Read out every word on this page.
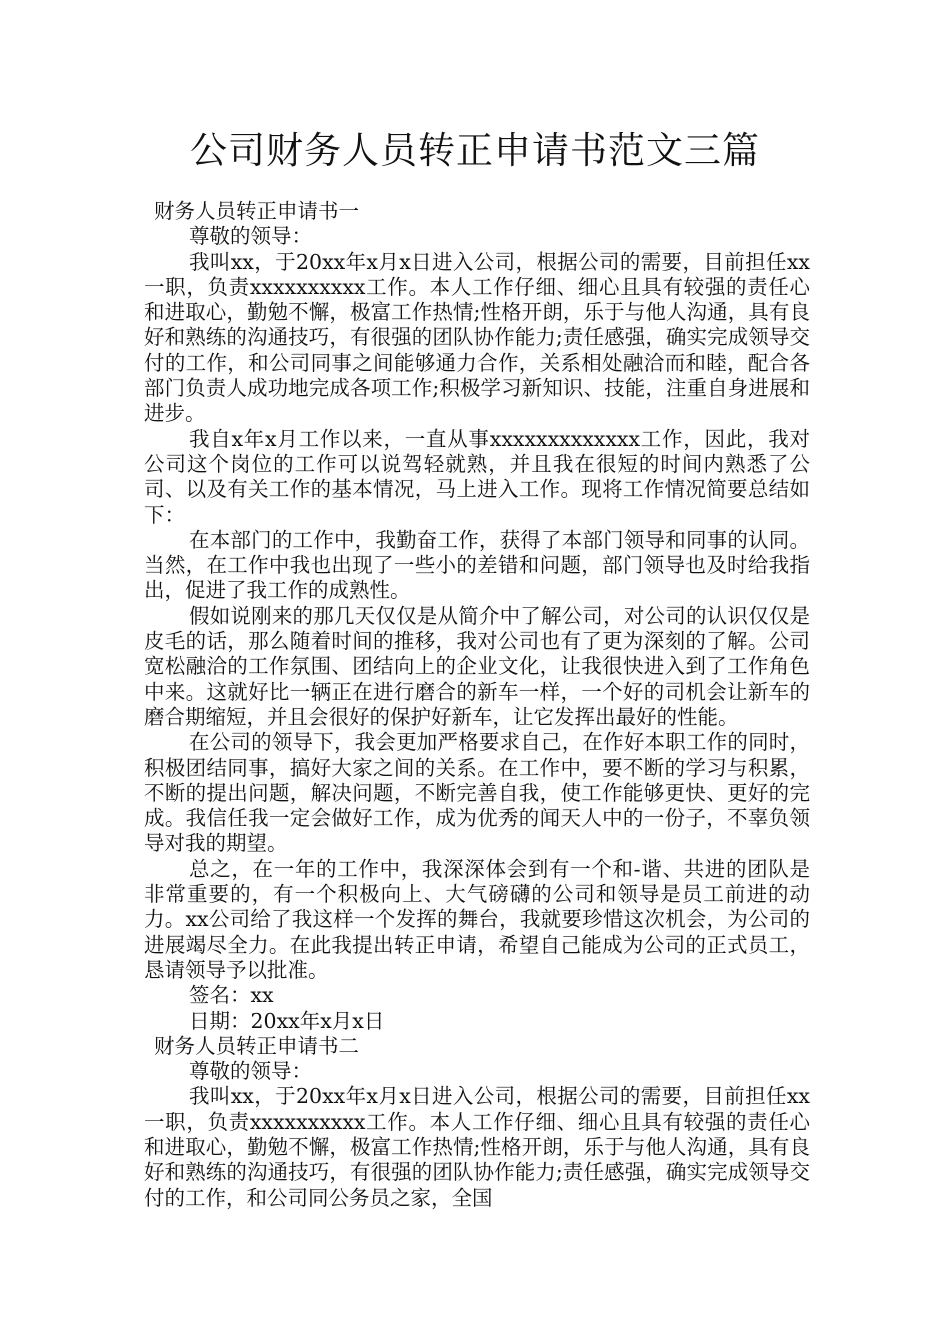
公司财务人员转正申请书范文三篇

财务人员转正申请书一

尊敬的领导：

我叫xx，于20xx年x月x日进入公司，根据公司的需要，目前担任xx一职，负责xxxxxxxxxx工作。本人工作仔细、细心且具有较强的责任心和进取心，勤勉不懈，极富工作热情;性格开朗，乐于与他人沟通，具有良好和熟练的沟通技巧，有很强的团队协作能力;责任感强，确实完成领导交付的工作，和公司同事之间能够通力合作，关系相处融洽而和睦，配合各部门负责人成功地完成各项工作;积极学习新知识、技能，注重自身进展和进步。

我自x年x月工作以来，一直从事xxxxxxxxxxxxx工作，因此，我对公司这个岗位的工作可以说驾轻就熟，并且我在很短的时间内熟悉了公司、以及有关工作的基本情况，马上进入工作。现将工作情况简要总结如下：

在本部门的工作中，我勤奋工作，获得了本部门领导和同事的认同。当然，在工作中我也出现了一些小的差错和问题，部门领导也及时给我指出，促进了我工作的成熟性。

假如说刚来的那几天仅仅是从简介中了解公司，对公司的认识仅仅是皮毛的话，那么随着时间的推移，我对公司也有了更为深刻的了解。公司宽松融洽的工作氛围、团结向上的企业文化，让我很快进入到了工作角色中来。这就好比一辆正在进行磨合的新车一样，一个好的司机会让新车的磨合期缩短，并且会很好的保护好新车，让它发挥出最好的性能。

在公司的领导下，我会更加严格要求自己，在作好本职工作的同时，积极团结同事，搞好大家之间的关系。在工作中，要不断的学习与积累，不断的提出问题，解决问题，不断完善自我，使工作能够更快、更好的完成。我信任我一定会做好工作，成为优秀的闻天人中的一份子，不辜负领导对我的期望。

总之，在一年的工作中，我深深体会到有一个和-谐、共进的团队是非常重要的，有一个积极向上、大气磅礴的公司和领导是员工前进的动力。xx公司给了我这样一个发挥的舞台，我就要珍惜这次机会，为公司的进展竭尽全力。在此我提出转正申请，希望自己能成为公司的正式员工，恳请领导予以批准。

签名：xx

日期：20xx年x月x日

财务人员转正申请书二

尊敬的领导：

我叫xx，于20xx年x月x日进入公司，根据公司的需要，目前担任xx一职，负责xxxxxxxxxx工作。本人工作仔细、细心且具有较强的责任心和进取心，勤勉不懈，极富工作热情;性格开朗，乐于与他人沟通，具有良好和熟练的沟通技巧，有很强的团队协作能力;责任感强，确实完成领导交付的工作，和公司同公务员之家，全国
